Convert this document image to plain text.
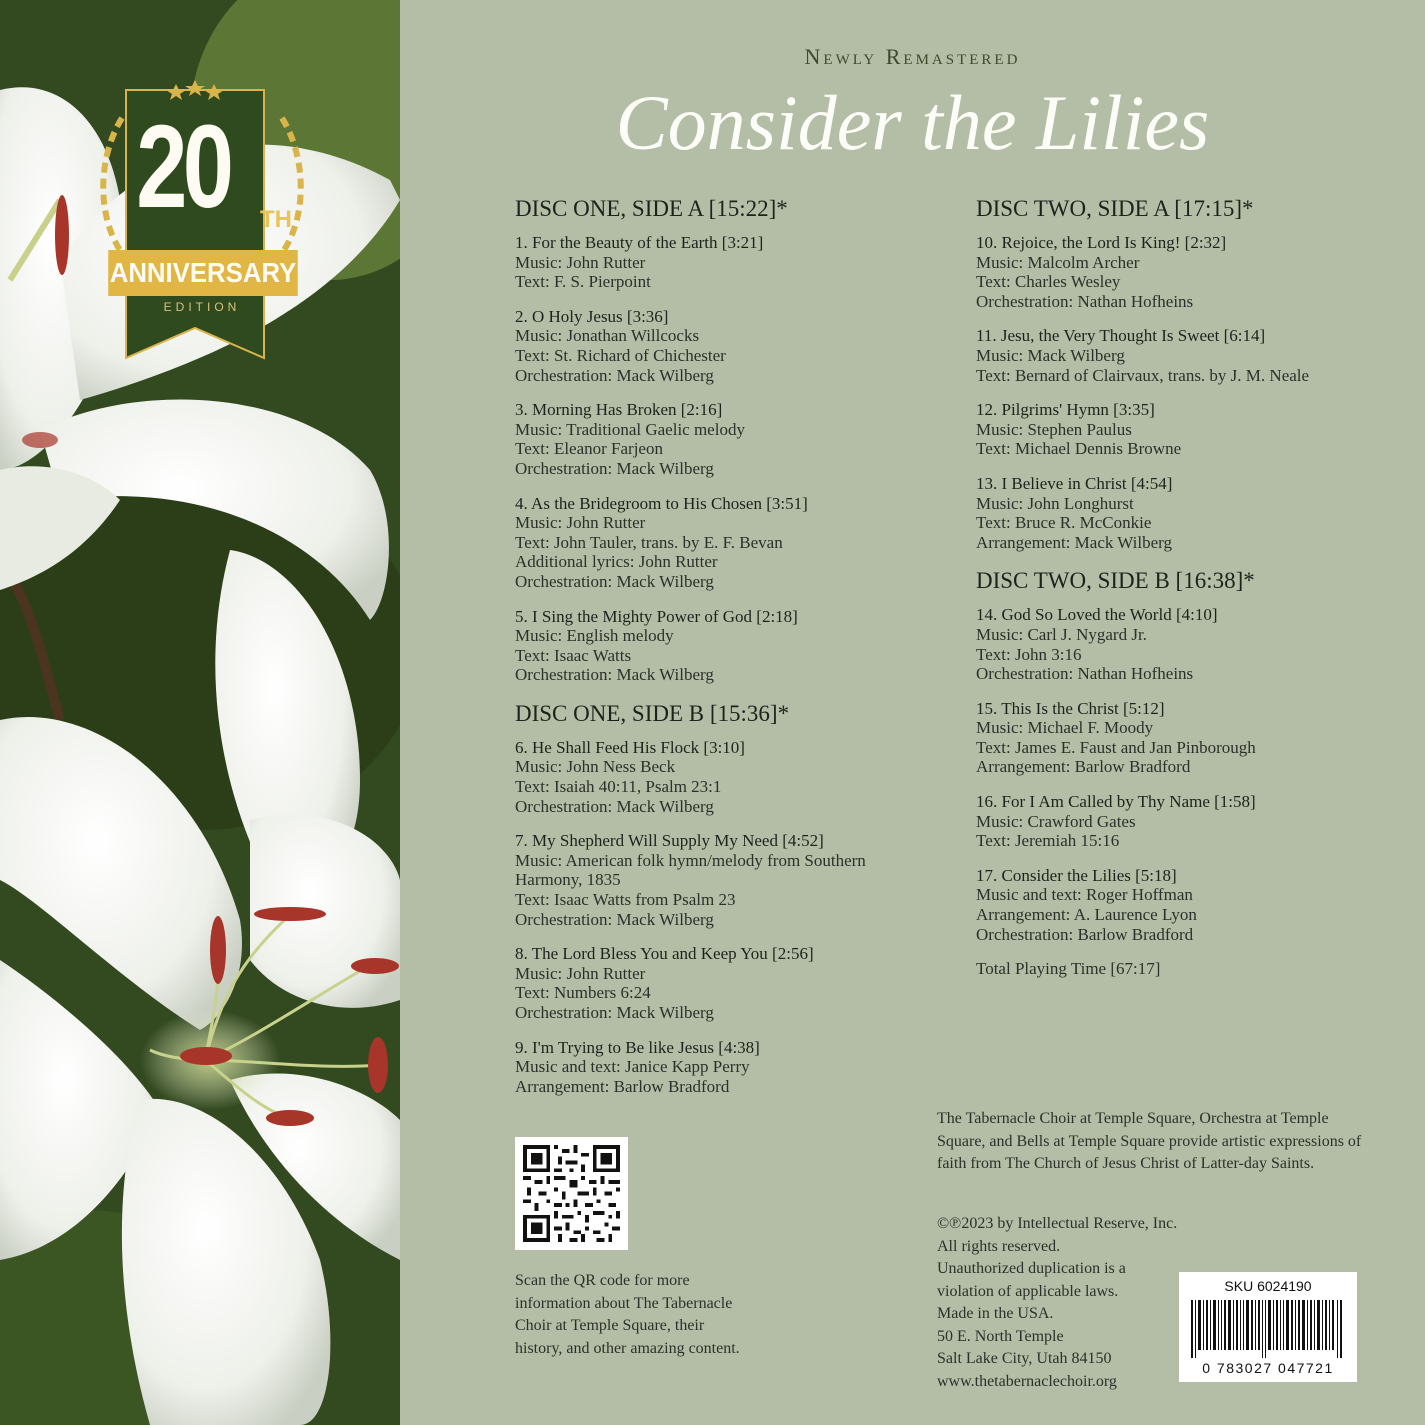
20 TH
ANNIVERSARY
EDITION
Newly Remastered
Consider the Lilies
DISC ONE, SIDE A [15:22]*
1. For the Beauty of the Earth [3:21]
Music: John Rutter
Text: F. S. Pierpoint
2. O Holy Jesus [3:36]
Music: Jonathan Willcocks
Text: St. Richard of Chichester
Orchestration: Mack Wilberg
3. Morning Has Broken [2:16]
Music: Traditional Gaelic melody
Text: Eleanor Farjeon
Orchestration: Mack Wilberg
4. As the Bridegroom to His Chosen [3:51]
Music: John Rutter
Text: John Tauler, trans. by E. F. Bevan
Additional lyrics: John Rutter
Orchestration: Mack Wilberg
5. I Sing the Mighty Power of God [2:18]
Music: English melody
Text: Isaac Watts
Orchestration: Mack Wilberg
DISC ONE, SIDE B [15:36]*
6. He Shall Feed His Flock [3:10]
Music: John Ness Beck
Text: Isaiah 40:11, Psalm 23:1
Orchestration: Mack Wilberg
7. My Shepherd Will Supply My Need [4:52]
Music: American folk hymn/melody from Southern Harmony, 1835
Text: Isaac Watts from Psalm 23
Orchestration: Mack Wilberg
8. The Lord Bless You and Keep You [2:56]
Music: John Rutter
Text: Numbers 6:24
Orchestration: Mack Wilberg
9. I'm Trying to Be like Jesus [4:38]
Music and text: Janice Kapp Perry
Arrangement: Barlow Bradford
DISC TWO, SIDE A [17:15]*
10. Rejoice, the Lord Is King! [2:32]
Music: Malcolm Archer
Text: Charles Wesley
Orchestration: Nathan Hofheins
11. Jesu, the Very Thought Is Sweet [6:14]
Music: Mack Wilberg
Text: Bernard of Clairvaux, trans. by J. M. Neale
12. Pilgrims' Hymn [3:35]
Music: Stephen Paulus
Text: Michael Dennis Browne
13. I Believe in Christ [4:54]
Music: John Longhurst
Text: Bruce R. McConkie
Arrangement: Mack Wilberg
DISC TWO, SIDE B [16:38]*
14. God So Loved the World [4:10]
Music: Carl J. Nygard Jr.
Text: John 3:16
Orchestration: Nathan Hofheins
15. This Is the Christ [5:12]
Music: Michael F. Moody
Text: James E. Faust and Jan Pinborough
Arrangement: Barlow Bradford
16. For I Am Called by Thy Name [1:58]
Music: Crawford Gates
Text: Jeremiah 15:16
17. Consider the Lilies [5:18]
Music and text: Roger Hoffman
Arrangement: A. Laurence Lyon
Orchestration: Barlow Bradford
Total Playing Time [67:17]
Scan the QR code for more information about The Tabernacle Choir at Temple Square, their history, and other amazing content.
The Tabernacle Choir at Temple Square, Orchestra at Temple Square, and Bells at Temple Square provide artistic expressions of faith from The Church of Jesus Christ of Latter-day Saints.
©℗2023 by Intellectual Reserve, Inc.
All rights reserved.
Unauthorized duplication is a
violation of applicable laws.
Made in the USA.
50 E. North Temple
Salt Lake City, Utah 84150
www.thetabernaclechoir.org
SKU 6024190
0 783027 047721
